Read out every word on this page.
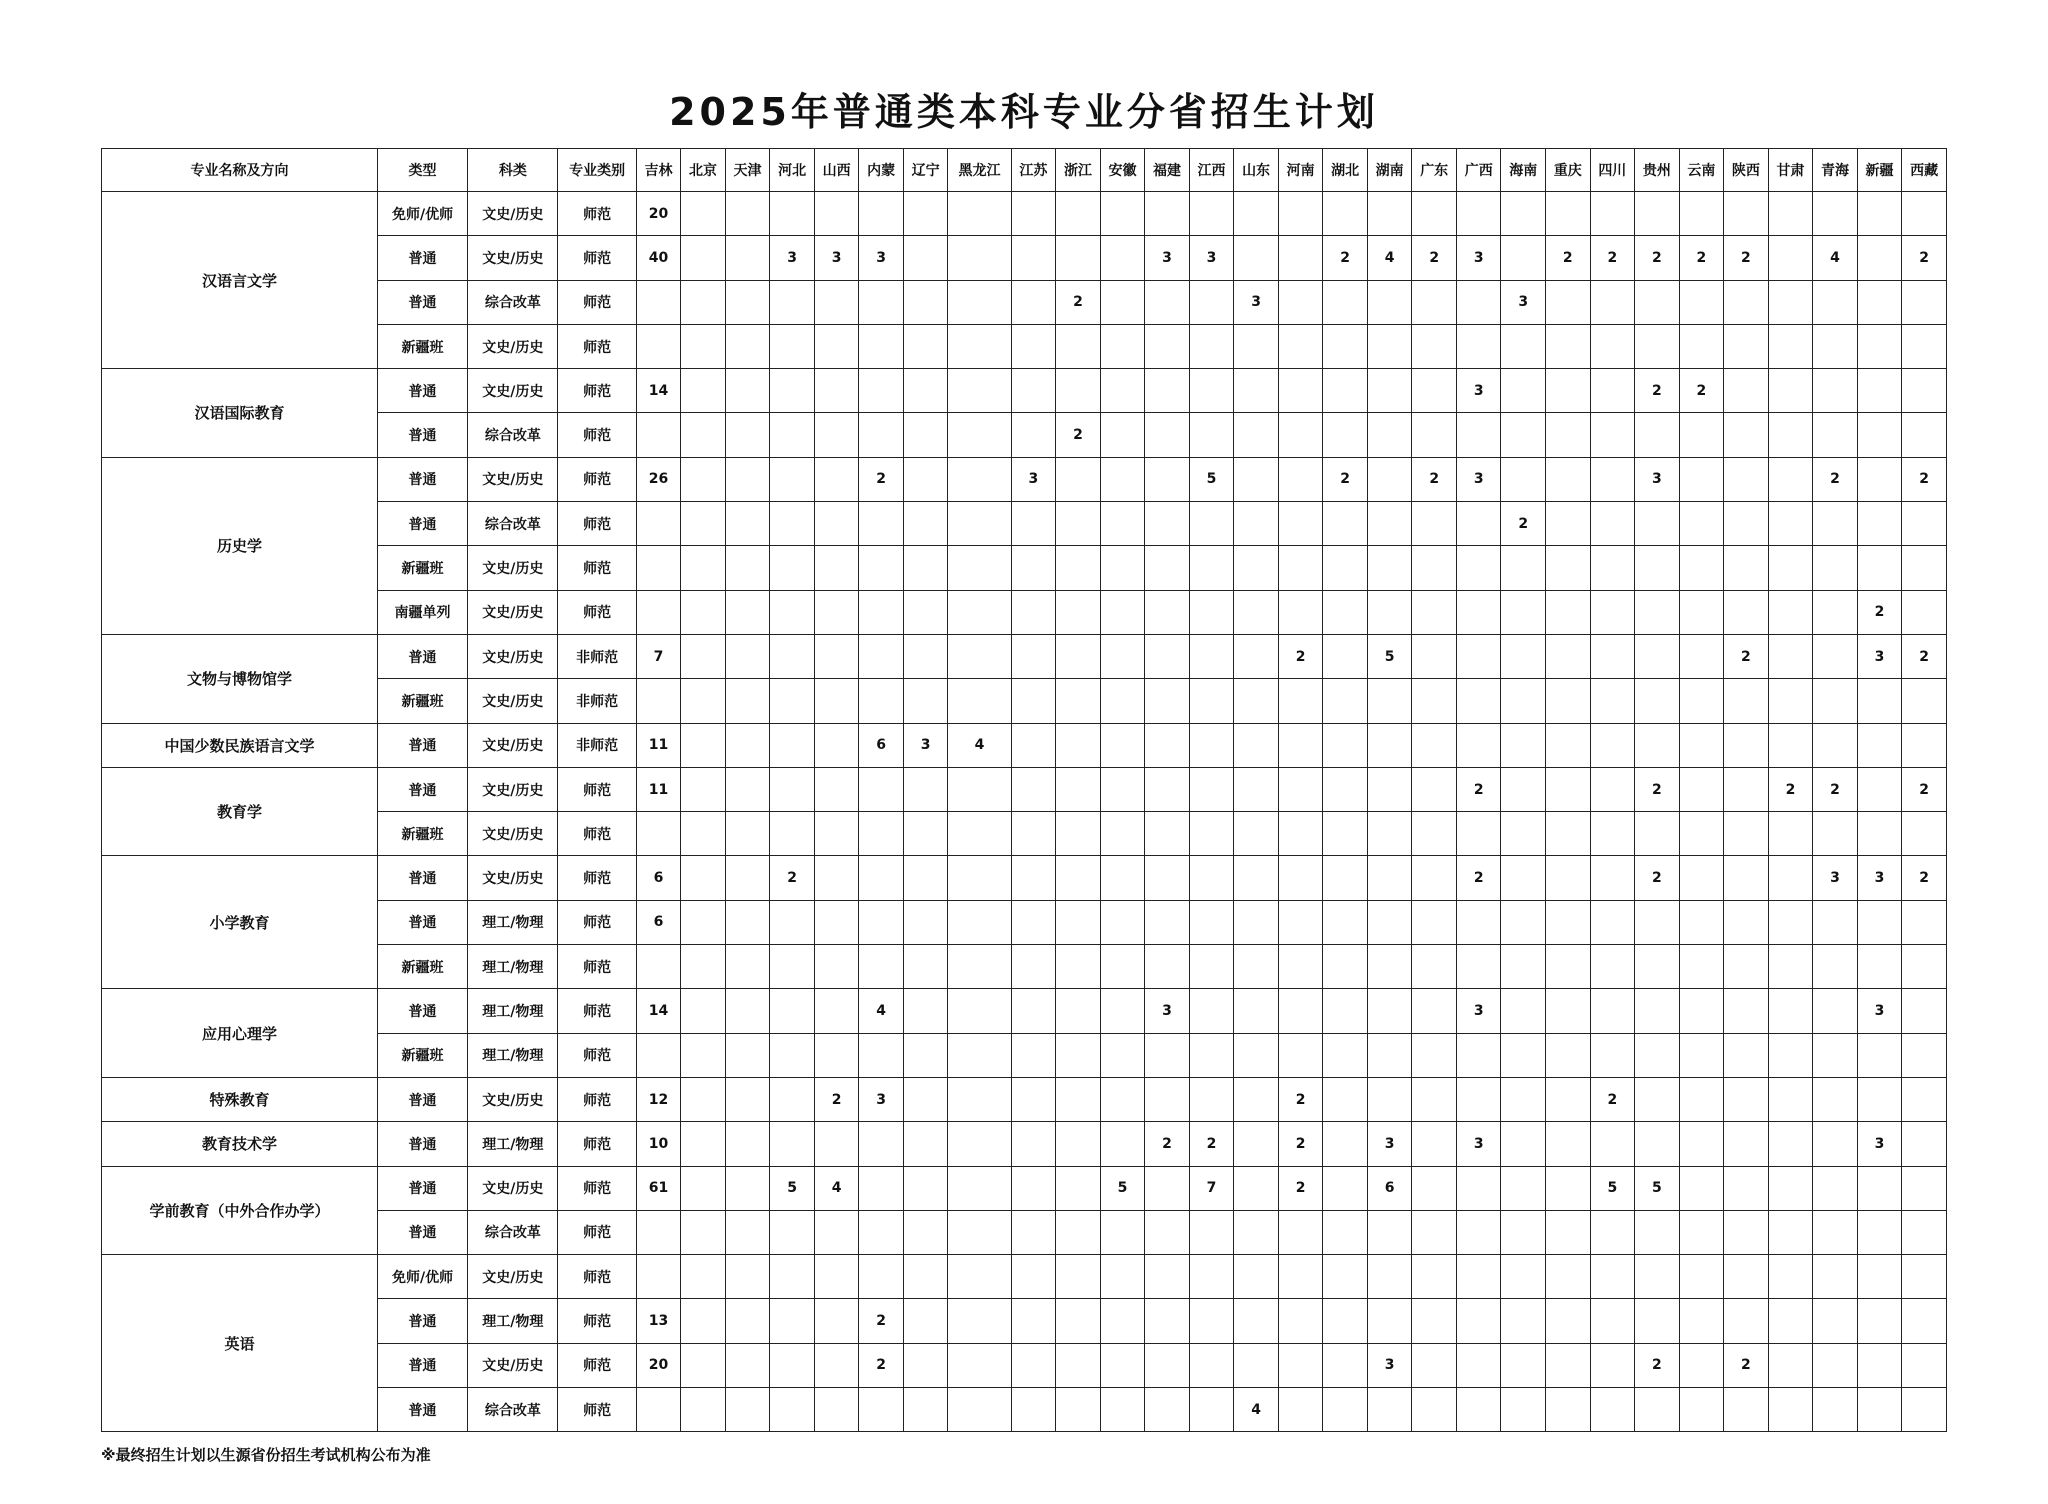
2025年普通类本科专业分省招生计划
专业名称及方向	类型	科类	专业类别	吉林	北京	天津	河北	山西	内蒙	辽宁	黑龙江	江苏	浙江	安徽	福建	江西	山东	河南	湖北	湖南	广东	广西	海南	重庆	四川	贵州	云南	陕西	甘肃	青海	新疆	西藏
汉语言文学	免师/优师	文史/历史	师范	20																												
	普通	文史/历史	师范	40			3	3	3						3	3			2	4	2	3		2	2	2	2	2		4		2
	普通	综合改革	师范										2				3						3									
	新疆班	文史/历史	师范																													
汉语国际教育	普通	文史/历史	师范	14																		3				2	2					
	普通	综合改革	师范										2																			
历史学	普通	文史/历史	师范	26					2			3				5			2		2	3				3				2		2
	普通	综合改革	师范																				2									
	新疆班	文史/历史	师范																													
	南疆单列	文史/历史	师范																												2	
文物与博物馆学	普通	文史/历史	非师范	7														2		5								2			3	2
	新疆班	文史/历史	非师范																													
中国少数民族语言文学	普通	文史/历史	非师范	11					6	3	4																					
教育学	普通	文史/历史	师范	11																		2				2			2	2		2
	新疆班	文史/历史	师范																													
小学教育	普通	文史/历史	师范	6			2															2				2				3	3	2
	普通	理工/物理	师范	6																												
	新疆班	理工/物理	师范																													
应用心理学	普通	理工/物理	师范	14					4						3							3									3	
	新疆班	理工/物理	师范																													
特殊教育	普通	文史/历史	师范	12				2	3									2							2							
教育技术学	普通	理工/物理	师范	10											2	2		2		3		3									3	
学前教育（中外合作办学）	普通	文史/历史	师范	61			5	4						5		7		2		6					5	5						
	普通	综合改革	师范																													
英语	免师/优师	文史/历史	师范																													
	普通	理工/物理	师范	13					2																							
	普通	文史/历史	师范	20					2											3						2		2				
	普通	综合改革	师范														4															
※最终招生计划以生源省份招生考试机构公布为准
